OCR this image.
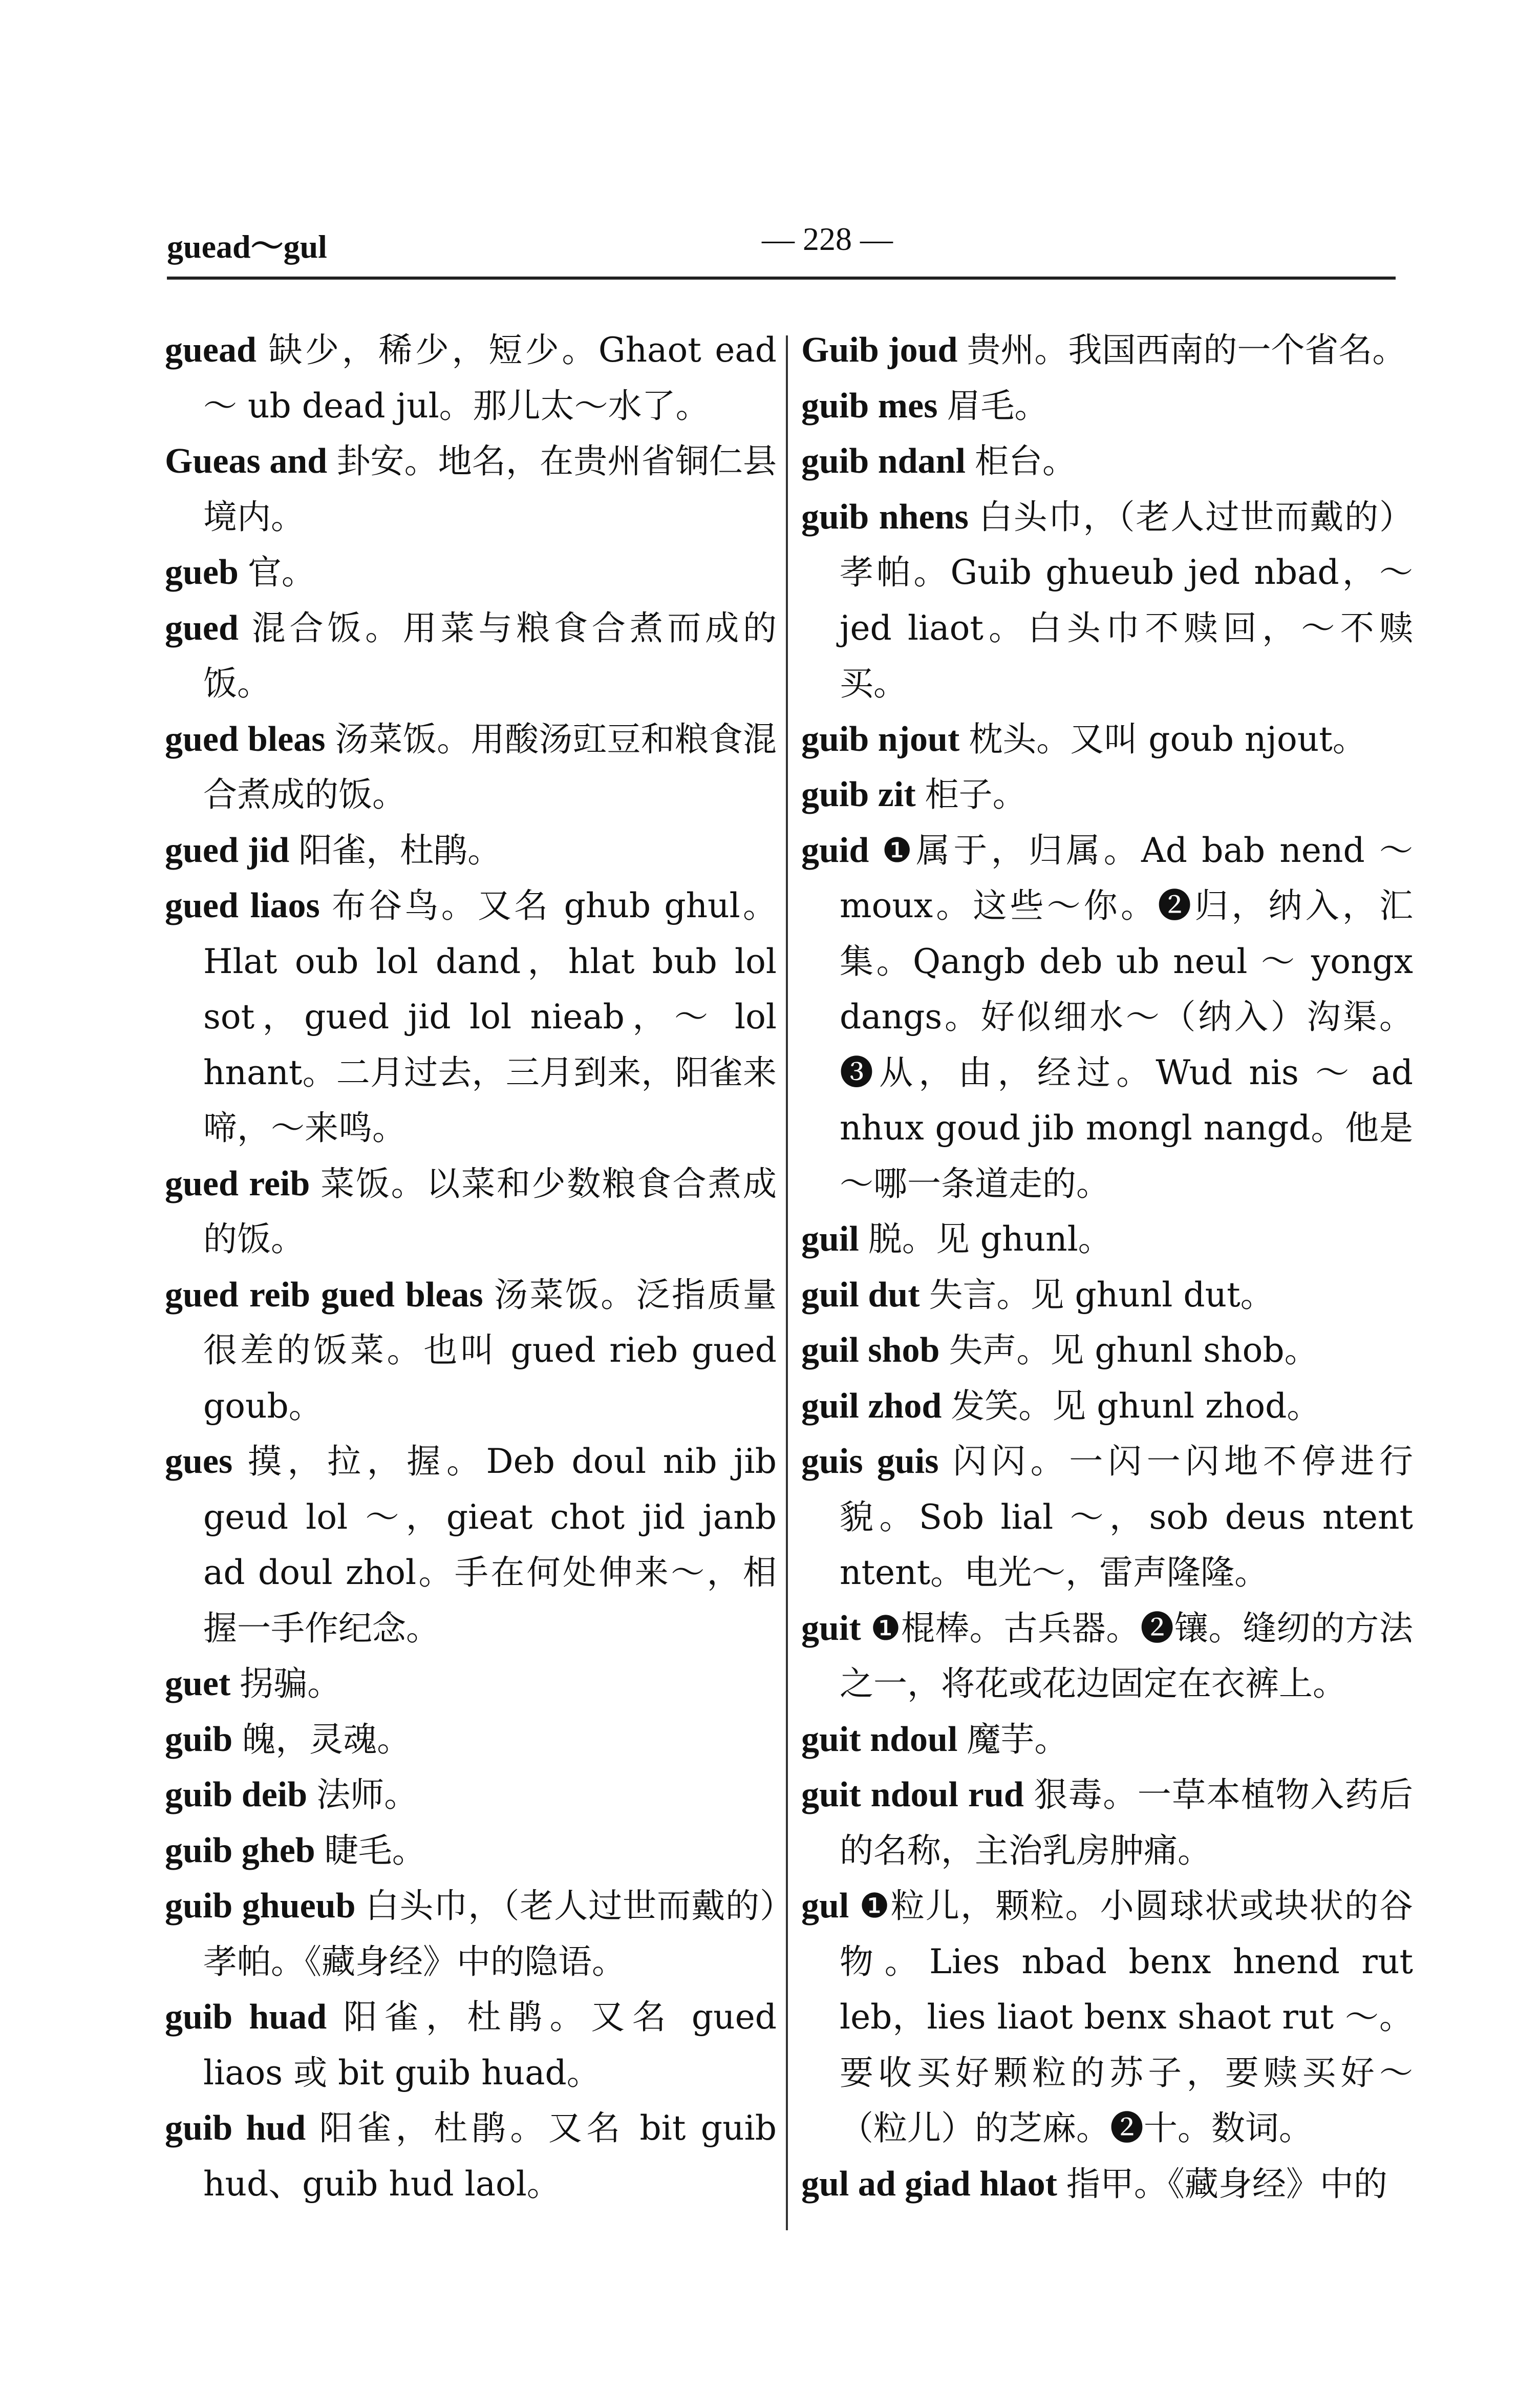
guead～gul	— 228 —

guead 缺少，稀少，短少。Ghaot ead ～ ub dead jul。那儿太～水了。

Gueas and 卦安。地名，在贵州省铜仁县境内。

gueb 官。

gued 混合饭。用菜与粮食合煮而成的饭。

gued bleas 汤菜饭。用酸汤豇豆和粮食混合煮成的饭。

gued jid 阳雀，杜鹃。

gued liaos 布谷鸟。又名 ghub ghul。Hlat oub lol dand，hlat bub lol sot，gued jid lol nieab，～ lol hnant。二月过去，三月到来，阳雀来啼，～来鸣。

gued reib 菜饭。以菜和少数粮食合煮成的饭。

gued reib gued bleas 汤菜饭。泛指质量很差的饭菜。也叫 gued rieb gued goub。

gues 摸，拉，握。Deb doul nib jib geud lol ～，gieat chot jid janb ad doul zhol。手在何处伸来～，相握一手作纪念。

guet 拐骗。

guib 魄，灵魂。

guib deib 法师。

guib gheb 睫毛。

guib ghueub 白头巾，（老人过世而戴的）孝帕。《藏身经》中的隐语。

guib huad 阳雀，杜鹃。又名 gued liaos 或 bit guib huad。

guib hud 阳雀，杜鹃。又名 bit guib hud、guib hud laol。

Guib joud 贵州。我国西南的一个省名。

guib mes 眉毛。

guib ndanl 柜台。

guib nhens 白头巾，（老人过世而戴的）孝帕。Guib ghueub jed nbad，～ jed liaot。白头巾不赎回，～不赎买。

guib njout 枕头。又叫 goub njout。

guib zit 柜子。

guid ❶属于，归属。Ad bab nend ～ moux。这些～你。❷归，纳入，汇集。Qangb deb ub neul ～ yongx dangs。好似细水～（纳入）沟渠。❸从，由，经过。Wud nis ～ ad nhux goud jib mongl nangd。他是～哪一条道走的。

guil 脱。见 ghunl。

guil dut 失言。见 ghunl dut。

guil shob 失声。见 ghunl shob。

guil zhod 发笑。见 ghunl zhod。

guis guis 闪闪。一闪一闪地不停进行貌。Sob lial ～，sob deus ntent ntent。电光～，雷声隆隆。

guit ❶棍棒。古兵器。❷镶。缝纫的方法之一，将花或花边固定在衣裤上。

guit ndoul 魔芋。

guit ndoul rud 狠毒。一草本植物入药后的名称，主治乳房肿痛。

gul ❶粒儿，颗粒。小圆球状或块状的谷物。Lies nbad benx hnend rut leb，lies liaot benx shaot rut ～。要收买好颗粒的苏子，要赎买好～（粒儿）的芝麻。❷十。数词。

gul ad giad hlaot 指甲。《藏身经》中的
